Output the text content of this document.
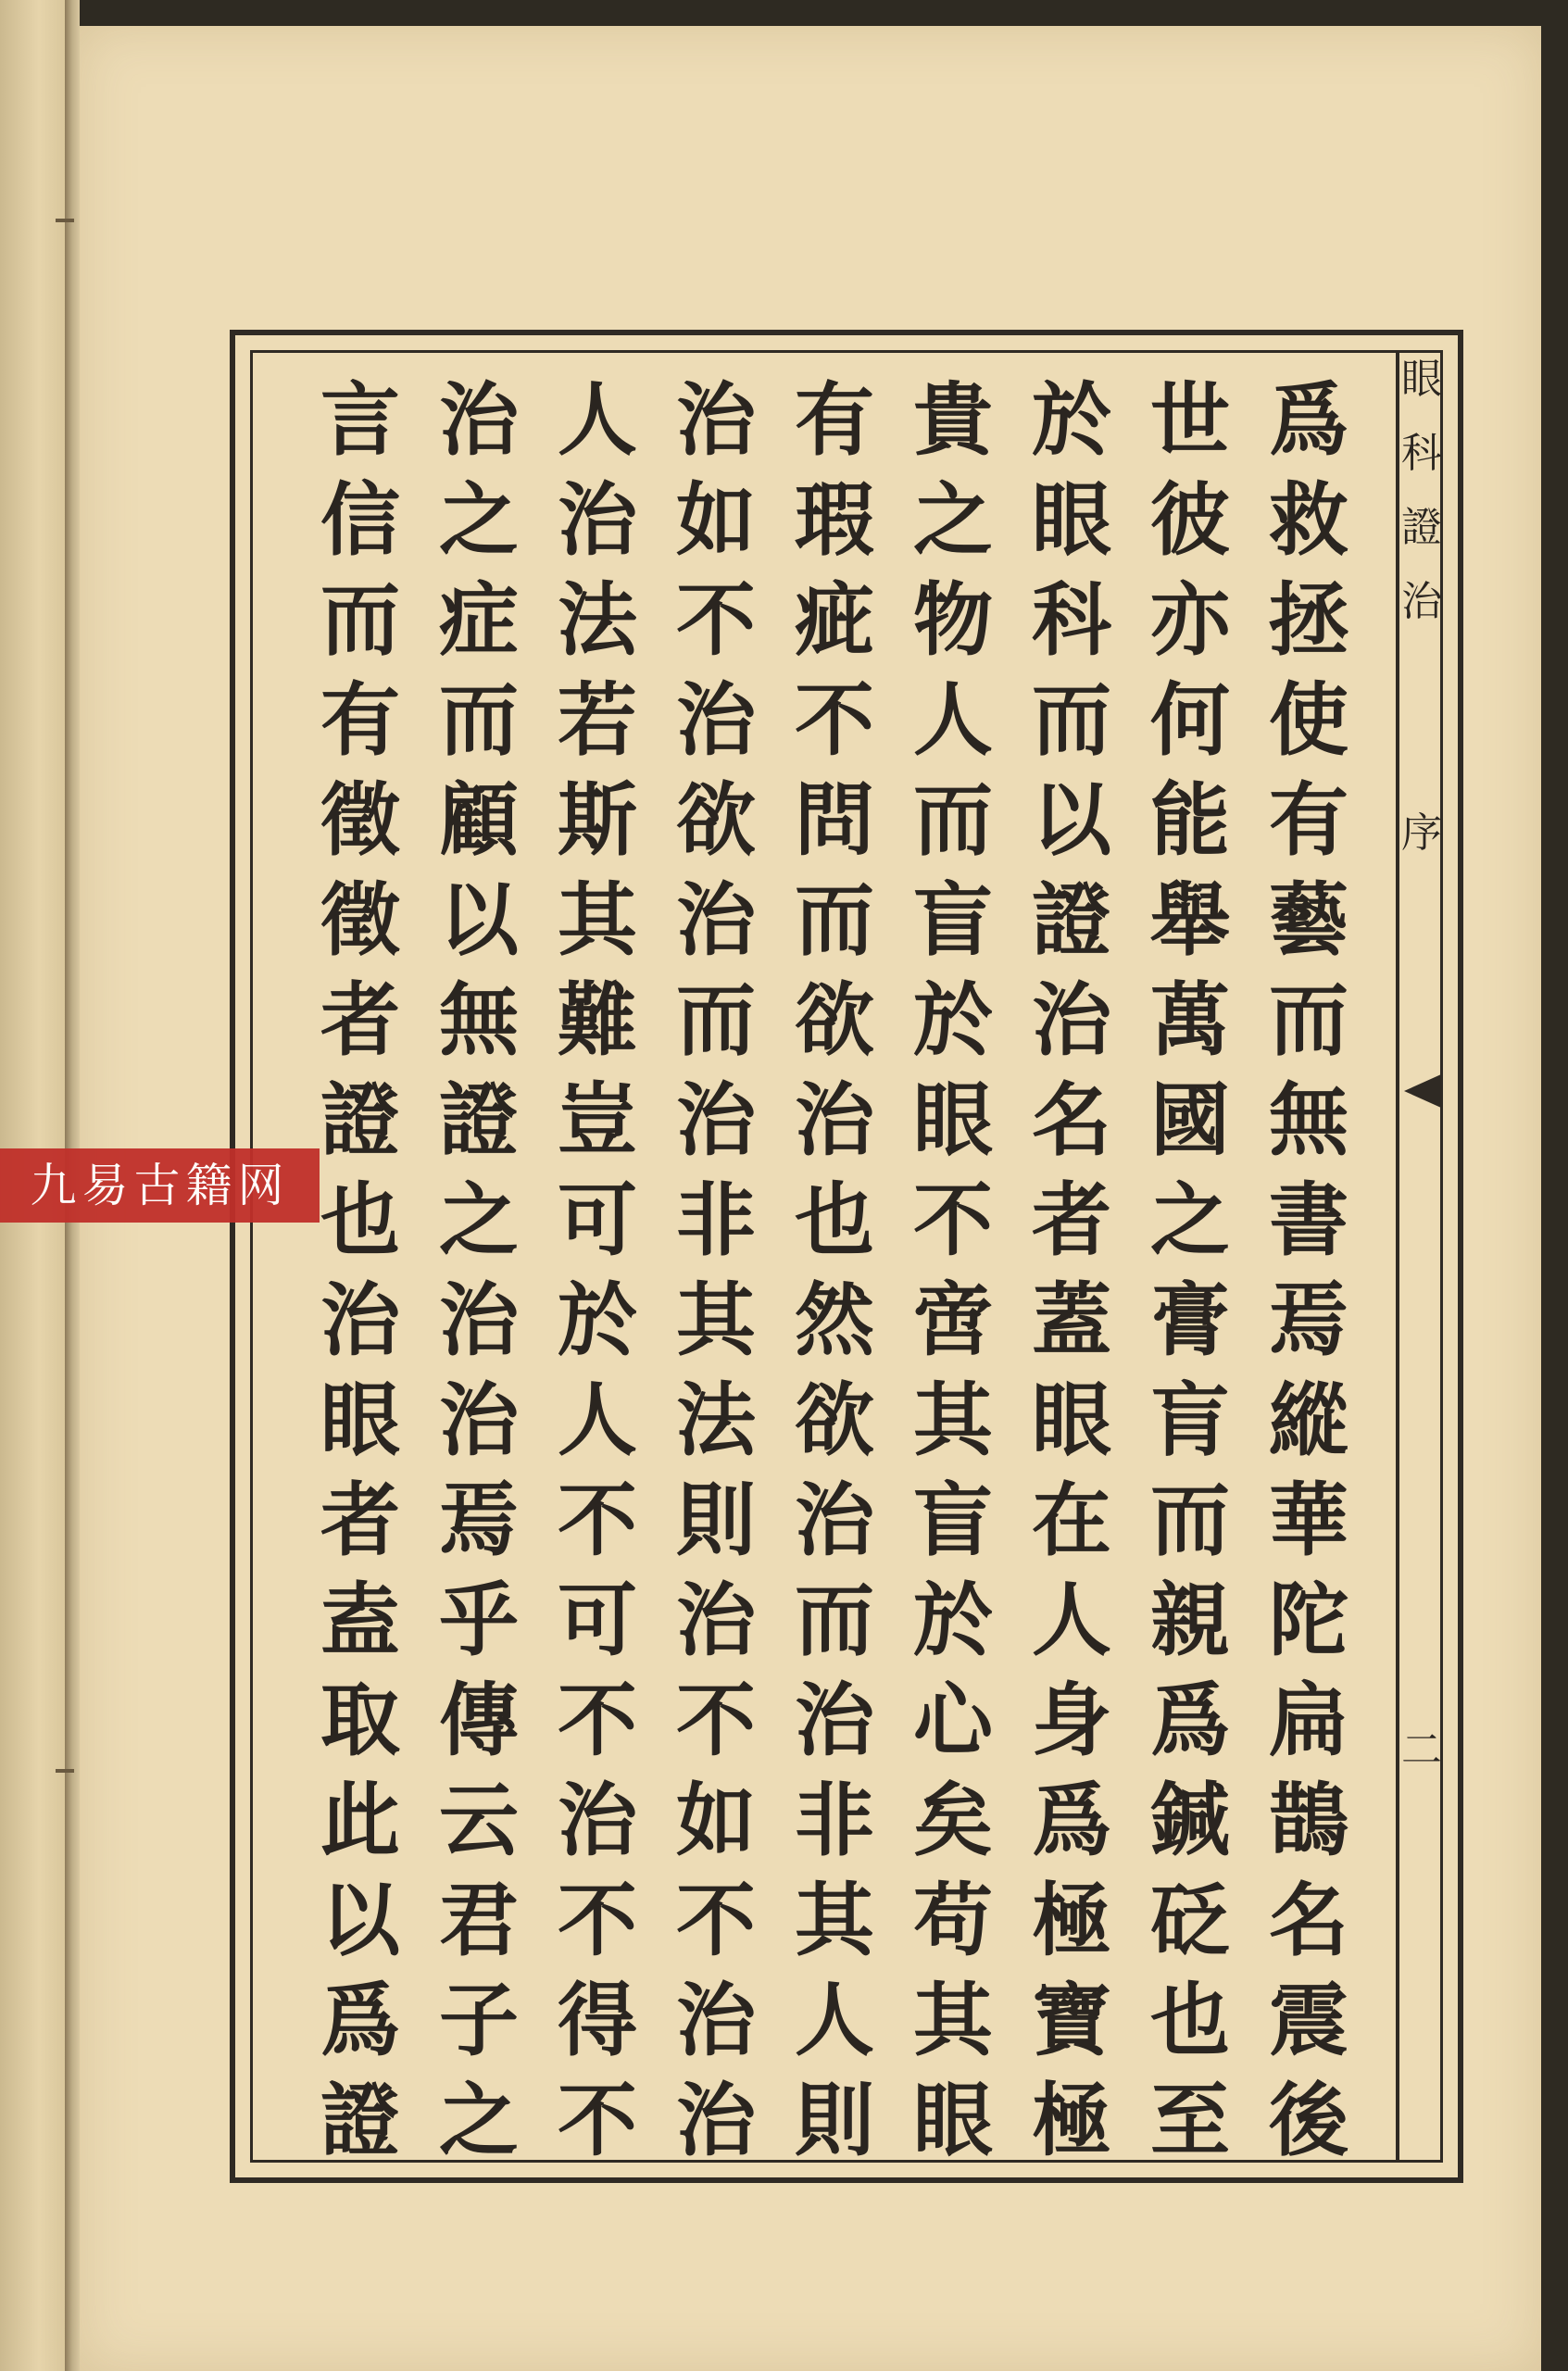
眼
科
證
治
序
二
爲
救
拯
使
有
藝
而
無
書
焉
縱
華
陀
扁
鵲
名
震
後
世
彼
亦
何
能
舉
萬
國
之
膏
肓
而
親
爲
鍼
砭
也
至
於
眼
科
而
以
證
治
名
者
蓋
眼
在
人
身
爲
極
寶
極
貴
之
物
人
而
盲
於
眼
不
啻
其
盲
於
心
矣
苟
其
眼
有
瑕
疵
不
問
而
欲
治
也
然
欲
治
而
治
非
其
人
則
治
如
不
治
欲
治
而
治
非
其
法
則
治
不
如
不
治
治
人
治
法
若
斯
其
難
豈
可
於
人
不
可
不
治
不
得
不
治
之
症
而
顧
以
無
證
之
治
治
焉
乎
傳
云
君
子
之
言
信
而
有
徵
徵
者
證
也
治
眼
者
盍
取
此
以
爲
證
九易古籍网
